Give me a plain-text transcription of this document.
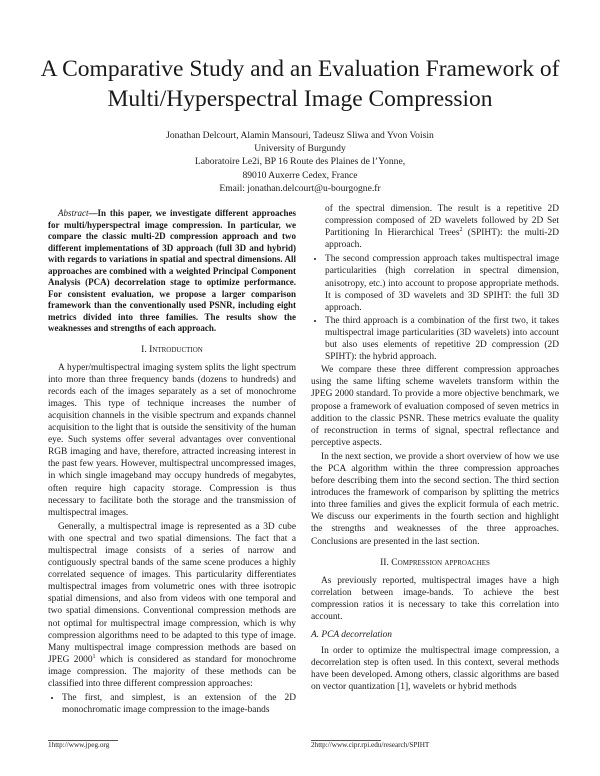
A Comparative Study and an Evaluation Framework of Multi/Hyperspectral Image Compression
Jonathan Delcourt, Alamin Mansouri, Tadeusz Sliwa and Yvon Voisin
University of Burgundy
Laboratoire Le2i, BP 16 Route des Plaines de l’Yonne,
89010 Auxerre Cedex, France
Email: jonathan.delcourt@u-bourgogne.fr

Abstract—In this paper, we investigate different approaches for multi/hyperspectral image compression. In particular, we compare the classic multi-2D compression approach and two different implementations of 3D approach (full 3D and hybrid) with regards to variations in spatial and spectral dimensions. All approaches are combined with a weighted Principal Component Analysis (PCA) decorrelation stage to optimize performance. For consistent evaluation, we propose a larger comparison framework than the conventionally used PSNR, including eight metrics divided into three families. The results show the weaknesses and strengths of each approach.

I. Introduction

A hyper/multispectral imaging system splits the light spectrum into more than three frequency bands (dozens to hundreds) and records each of the images separately as a set of monochrome images. This type of technique increases the number of acquisition channels in the visible spectrum and expands channel acquisition to the light that is outside the sensitivity of the human eye. Such systems offer several advantages over conventional RGB imaging and have, therefore, attracted increasing interest in the past few years. However, multispectral uncompressed images, in which single imageband may occupy hundreds of megabytes, often require high capacity storage. Compression is thus necessary to facilitate both the storage and the transmission of multispectral images.

Generally, a multispectral image is represented as a 3D cube with one spectral and two spatial dimensions. The fact that a multispectral image consists of a series of narrow and contiguously spectral bands of the same scene produces a highly correlated sequence of images. This particularity differentiates multispectral images from volumetric ones with three isotropic spatial dimensions, and also from videos with one temporal and two spatial dimensions. Conventional compression methods are not optimal for multispectral image compression, which is why compression algorithms need to be adapted to this type of image. Many multispectral image compression methods are based on JPEG 2000$^1$ which is considered as standard for monochrome image compression. The majority of these methods can be classified into three different compression approaches:

• The first, and simplest, is an extension of the 2D monochromatic image compression to the image-bands

of the spectral dimension. The result is a repetitive 2D compression composed of 2D wavelets followed by 2D Set Partitioning In Hierarchical Trees$^2$ (SPIHT): the multi-2D approach.

• The second compression approach takes multispectral image particularities (high correlation in spectral dimension, anisotropy, etc.) into account to propose appropriate methods. It is composed of 3D wavelets and 3D SPIHT: the full 3D approach.
• The third approach is a combination of the first two, it takes multispectral image particularities (3D wavelets) into account but also uses elements of repetitive 2D compression (2D SPIHT): the hybrid approach.

We compare these three different compression approaches using the same lifting scheme wavelets transform within the JPEG 2000 standard. To provide a more objective benchmark, we propose a framework of evaluation composed of seven metrics in addition to the classic PSNR. These metrics evaluate the quality of reconstruction in terms of signal, spectral reflectance and perceptive aspects.

In the next section, we provide a short overview of how we use the PCA algorithm within the three compression approaches before describing them into the second section. The third section introduces the framework of comparison by splitting the metrics into three families and gives the explicit formula of each metric. We discuss our experiments in the fourth section and highlight the strengths and weaknesses of the three approaches. Conclusions are presented in the last section.

II. Compression approaches

As previously reported, multispectral images have a high correlation between image-bands. To achieve the best compression ratios it is necessary to take this correlation into account.

A. PCA decorrelation

In order to optimize the multispectral image compression, a decorrelation step is often used. In this context, several methods have been developed. Among others, classic algorithms are based on vector quantization [1], wavelets or hybrid methods

1http://www.jpeg.org	2http://www.cipr.rpi.edu/research/SPIHT
